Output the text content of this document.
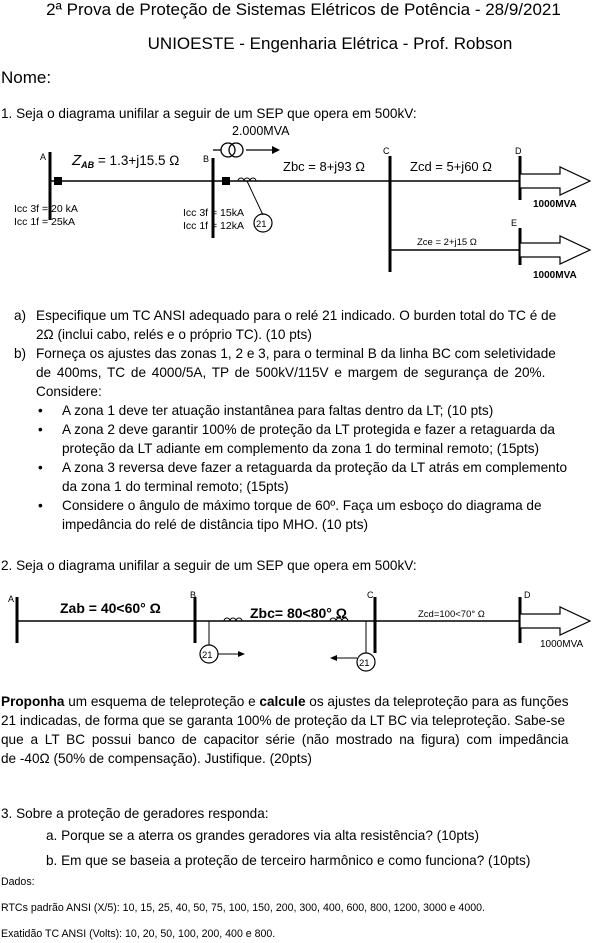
2ª Prova de Proteção de Sistemas Elétricos de Potência - 28/9/2021
UNIOESTE - Engenharia Elétrica - Prof. Robson
Nome:
1. Seja o diagrama unifilar a seguir de um SEP que opera em 500kV:
2.000MVA
21
A	B
C	D
E
$Z_{AB} = 1.3+j15.5$ Ω	Zbc = 8+j93 Ω	Zcd = 5+j60 Ω
Zce = 2+j15 Ω
1000MVA
1000MVA
Icc 3f = 20 kA
Icc 1f = 25kA
Icc 3f = 15kA
Icc 1f = 12kA
a) Especifique um TC ANSI adequado para o relé 21 indicado. O burden total do TC é de
2Ω (inclui cabo, relés e o próprio TC). (10 pts)
b) Forneça os ajustes das zonas 1, 2 e 3, para o terminal B da linha BC com seletividade
de 400ms, TC de 4000/5A, TP de 500kV/115V e margem de segurança de 20%.
Considere:
• A zona 1 deve ter atuação instantânea para faltas dentro da LT; (10 pts)
• A zona 2 deve garantir 100% de proteção da LT protegida e fazer a retaguarda da
proteção da LT adiante em complemento da zona 1 do terminal remoto; (15pts)
• A zona 3 reversa deve fazer a retaguarda da proteção da LT atrás em complemento
da zona 1 do terminal remoto; (15pts)
• Considere o ângulo de máximo torque de 60º. Faça um esboço do diagrama de
impedância do relé de distância tipo MHO. (10 pts)
2. Seja o diagrama unifilar a seguir de um SEP que opera em 500kV:
A	B	C	D
Zab = 40<60° Ω	Zbc= 80<80° Ω	Zcd=100<70° Ω
1000MVA
21
21
Proponha um esquema de teleproteção e calcule os ajustes da teleproteção para as funções
21 indicadas, de forma que se garanta 100% de proteção da LT BC via teleproteção. Sabe-se
que a LT BC possui banco de capacitor série (não mostrado na figura) com impedância
de -40Ω (50% de compensação). Justifique. (20pts)
3. Sobre a proteção de geradores responda:
a. Porque se a aterra os grandes geradores via alta resistência? (10pts)
b. Em que se baseia a proteção de terceiro harmônico e como funciona? (10pts)
Dados:
RTCs padrão ANSI (X/5): 10, 15, 25, 40, 50, 75, 100, 150, 200, 300, 400, 600, 800, 1200, 3000 e 4000.
Exatidão TC ANSI (Volts): 10, 20, 50, 100, 200, 400 e 800.
